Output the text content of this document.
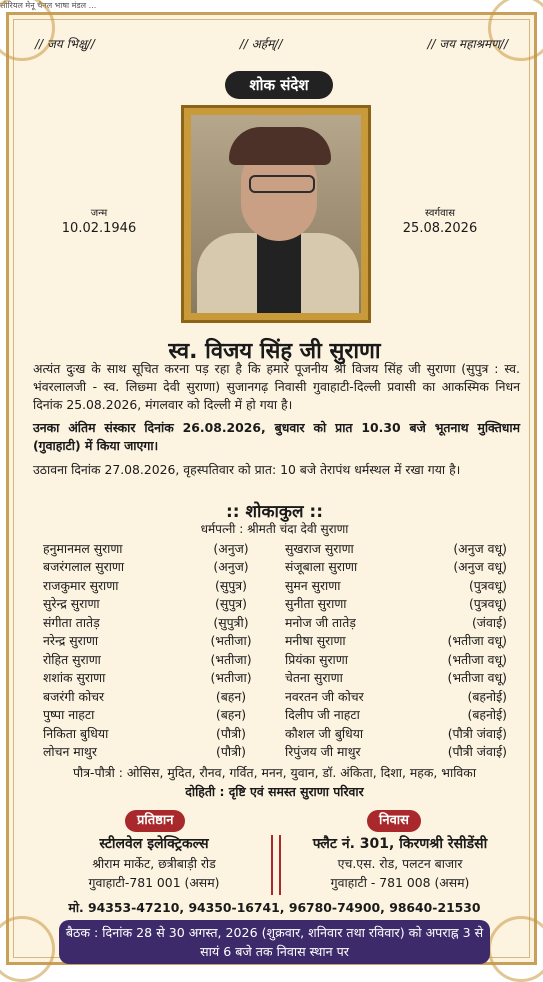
सीरियल मेनू चैनल भाषा मंडल ...
// जय भिक्षु//	// अर्हम्//	// जय महाश्रमण//
शोक संदेश
जन्म
10.02.1946
स्वर्गवास
25.08.2026
स्व. विजय सिंह जी सुराणा
अत्यंत दुःख के साथ सूचित करना पड़ रहा है कि हमारे पूजनीय श्री विजय सिंह जी सुराणा (सुपुत्र : स्व. भंवरलालजी - स्व. लिछ्मा देवी सुराणा) सुजानगढ़ निवासी गुवाहाटी-दिल्ली प्रवासी का आकस्मिक निधन दिनांक 25.08.2026, मंगलवार को दिल्ली में हो गया है।
उनका अंतिम संस्कार दिनांक 26.08.2026, बुधवार को प्रात 10.30 बजे भूतनाथ मुक्तिधाम (गुवाहाटी) में किया जाएगा।
उठावना दिनांक 27.08.2026, वृहस्पतिवार को प्रात: 10 बजे तेरापंथ धर्मस्थल में रखा गया है।
:: शोकाकुल ::
धर्मपत्नी : श्रीमती चंदा देवी सुराणा
हनुमानमल सुराणा	(अनुज)	सुखराज सुराणा	(अनुज वधू)
बजरंगलाल सुराणा	(अनुज)	संजूबाला सुराणा	(अनुज वधू)
राजकुमार सुराणा	(सुपुत्र)	सुमन सुराणा	(पुत्रवधू)
सुरेन्द्र सुराणा	(सुपुत्र)	सुनीता सुराणा	(पुत्रवधू)
संगीता तातेड़	(सुपुत्री)	मनोज जी तातेड़	(जंवाई)
नरेन्द्र सुराणा	(भतीजा)	मनीषा सुराणा	(भतीजा वधू)
रोहित सुराणा	(भतीजा)	प्रियंका सुराणा	(भतीजा वधू)
शशांक सुराणा	(भतीजा)	चेतना सुराणा	(भतीजा वधू)
बजरंगी कोचर	(बहन)	नवरतन जी कोचर	(बहनोई)
पुष्पा नाहटा	(बहन)	दिलीप जी नाहटा	(बहनोई)
निकिता बुधिया	(पौत्री)	कौशल जी बुधिया	(पौत्री जंवाई)
लोचन माथुर	(पौत्री)	रिपुंजय जी माथुर	(पौत्री जंवाई)
पौत्र-पौत्री : ओसिस, मुदित, रौनव, गर्वित, मनन, युवान, डॉ. अंकिता, दिशा, महक, भाविका
दोहिती : दृष्टि एवं समस्त सुराणा परिवार
प्रतिष्ठान	निवास
स्टीलवेल इलेक्ट्रिकल्स
श्रीराम मार्केट, छत्रीबाड़ी रोड
गुवाहाटी-781 001 (असम)
फ्लैट नं. 301, किरणश्री रेसीडेंसी
एच.एस. रोड, पलटन बाजार
गुवाहाटी - 781 008 (असम)
मो. 94353-47210, 94350-16741, 96780-74900, 98640-21530
बैठक : दिनांक 28 से 30 अगस्त, 2026 (शुक्रवार, शनिवार तथा रविवार) को अपराह्न 3 से सायं 6 बजे तक निवास स्थान पर
